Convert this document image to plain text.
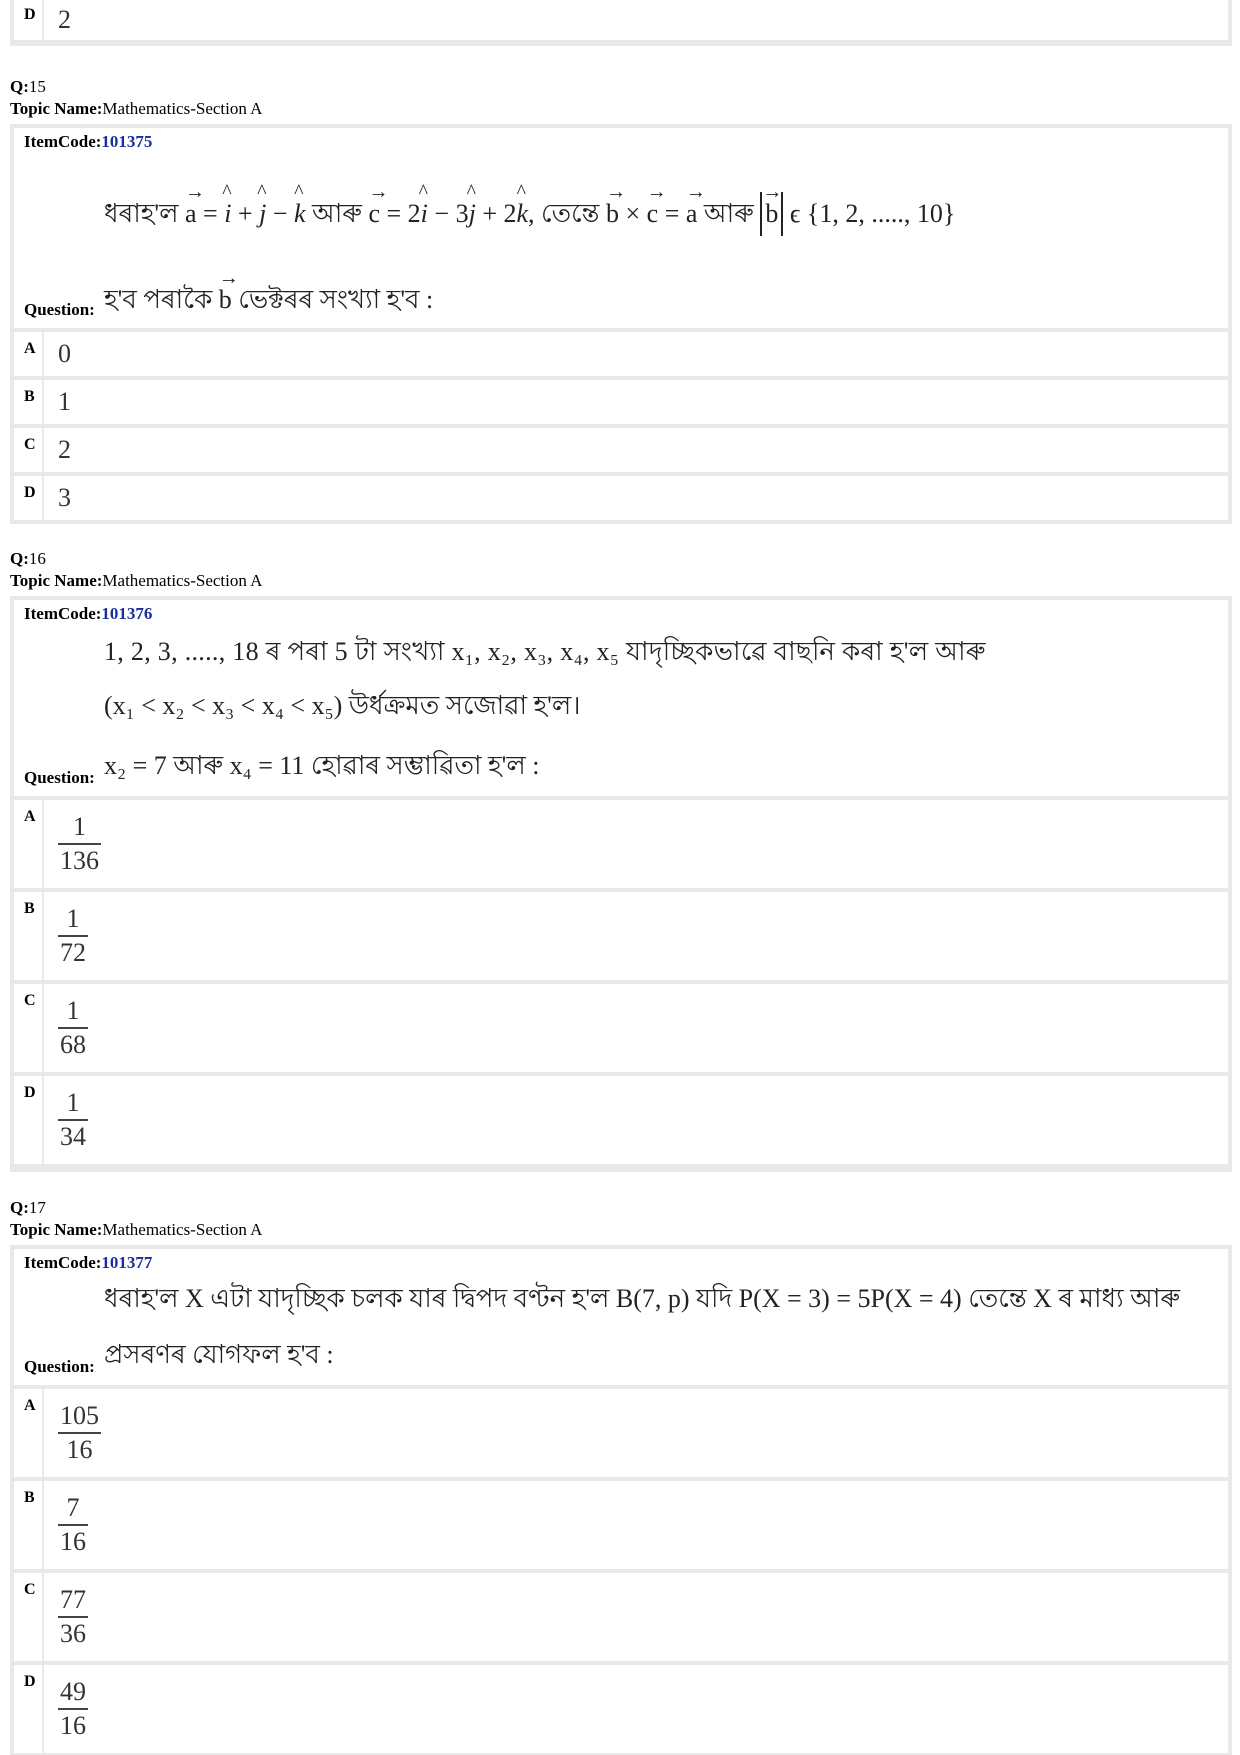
D 2
Q:15
Topic Name:Mathematics-Section A
ItemCode:101375
ধৰাহ'ল
→
a =
^
i +
^
j −
^
k আৰু
→
c = 2
^
i − 3
^
j + 2
^
k, তেন্তে
→
b ×
→
c =
→
a আৰু
→
b ϵ {1, 2, ....., 10}
Question: হ'ব পৰাকৈ
→
b ভেক্টৰৰ সংখ্যা হ'ব :
A 0
B 1
C 2
D 3
Q:16
Topic Name:Mathematics-Section A
ItemCode:101376
1, 2, 3, ....., 18 ৰ পৰা 5 টা সংখ্যা x₁, x₂, x₃, x₄, x₅ যাদৃচ্ছিকভাৱে বাছনি কৰা হ'ল আৰু
(x₁ < x₂ < x₃ < x₄ < x₅) উৰ্ধক্ৰমত সজোৱা হ'ল।
Question: x₂ = 7 আৰু x₄ = 11 হোৱাৰ সম্ভাৱিতা হ'ল :
A $\frac{1}{136}$
B $\frac{1}{72}$
C $\frac{1}{68}$
D $\frac{1}{34}$
Q:17
Topic Name:Mathematics-Section A
ItemCode:101377
ধৰাহ'ল X এটা যাদৃচ্ছিক চলক যাৰ দ্বিপদ বণ্টন হ'ল B(7, p) যদি P(X = 3) = 5P(X = 4) তেন্তে X ৰ মাধ্য আৰু
Question: প্ৰসৰণৰ যোগফল হ'ব :
A $\frac{105}{16}$
B $\frac{7}{16}$
C $\frac{77}{36}$
D $\frac{49}{16}$
